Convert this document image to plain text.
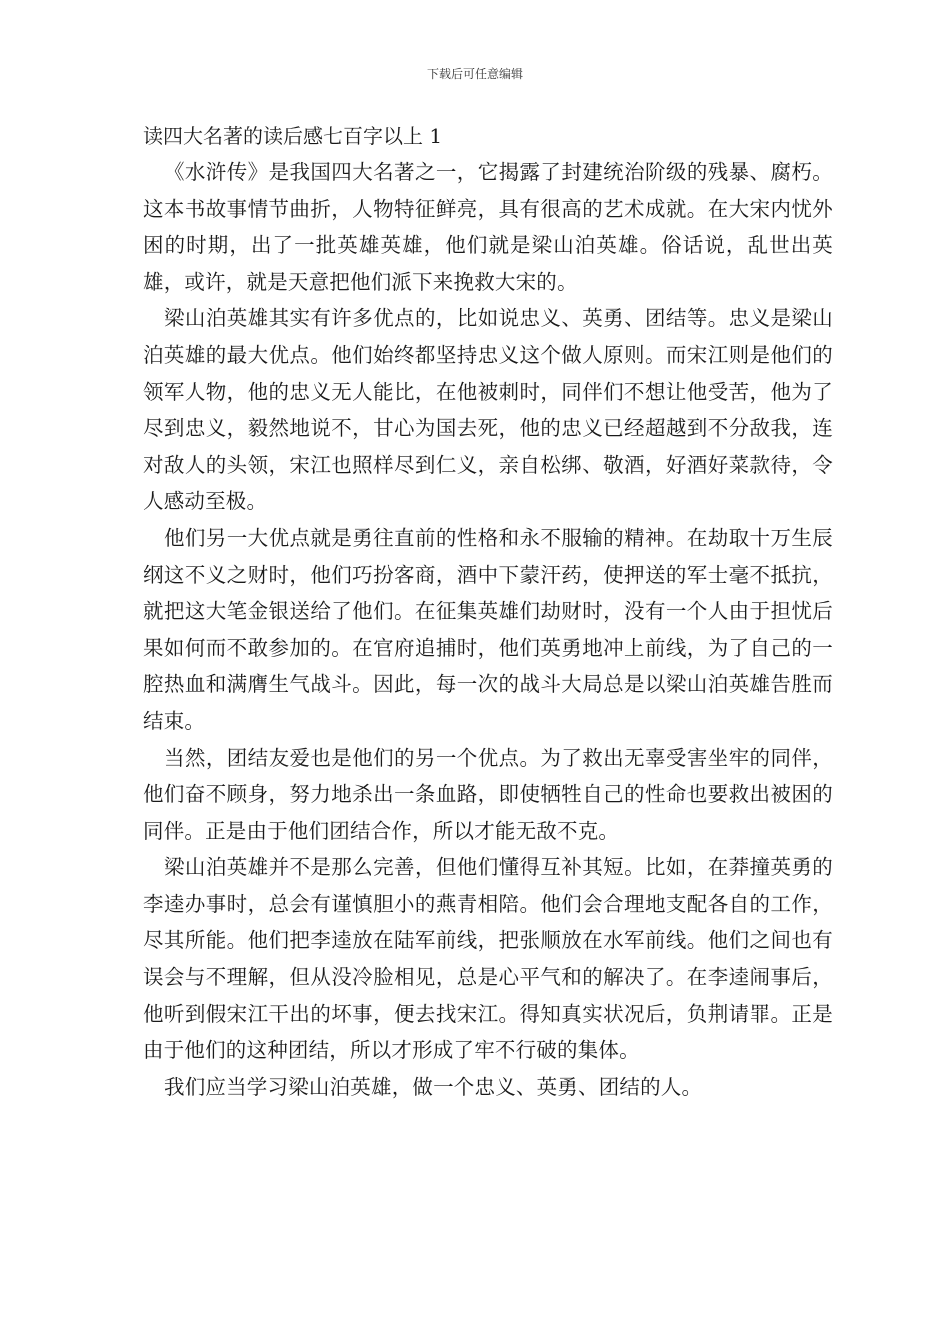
下载后可任意编辑
读四大名著的读后感七百字以上 1

《水浒传》是我国四大名著之一，它揭露了封建统治阶级的残暴、腐朽。这本书故事情节曲折，人物特征鲜亮，具有很高的艺术成就。在大宋内忧外困的时期，出了一批英雄英雄，他们就是梁山泊英雄。俗话说，乱世出英雄，或许，就是天意把他们派下来挽救大宋的。

梁山泊英雄其实有许多优点的，比如说忠义、英勇、团结等。忠义是梁山泊英雄的最大优点。他们始终都坚持忠义这个做人原则。而宋江则是他们的领军人物，他的忠义无人能比，在他被刺时，同伴们不想让他受苦，他为了尽到忠义，毅然地说不，甘心为国去死，他的忠义已经超越到不分敌我，连对敌人的头领，宋江也照样尽到仁义，亲自松绑、敬酒，好酒好菜款待，令人感动至极。

他们另一大优点就是勇往直前的性格和永不服输的精神。在劫取十万生辰纲这不义之财时，他们巧扮客商，酒中下蒙汗药，使押送的军士毫不抵抗，就把这大笔金银送给了他们。在征集英雄们劫财时，没有一个人由于担忧后果如何而不敢参加的。在官府追捕时，他们英勇地冲上前线，为了自己的一腔热血和满膺生气战斗。因此，每一次的战斗大局总是以梁山泊英雄告胜而结束。

当然，团结友爱也是他们的另一个优点。为了救出无辜受害坐牢的同伴，他们奋不顾身，努力地杀出一条血路，即使牺牲自己的性命也要救出被困的同伴。正是由于他们团结合作，所以才能无敌不克。

梁山泊英雄并不是那么完善，但他们懂得互补其短。比如，在莽撞英勇的李逵办事时，总会有谨慎胆小的燕青相陪。他们会合理地支配各自的工作，尽其所能。他们把李逵放在陆军前线，把张顺放在水军前线。他们之间也有误会与不理解，但从没冷脸相见，总是心平气和的解决了。在李逵闹事后，他听到假宋江干出的坏事，便去找宋江。得知真实状况后，负荆请罪。正是由于他们的这种团结，所以才形成了牢不行破的集体。

我们应当学习梁山泊英雄，做一个忠义、英勇、团结的人。
